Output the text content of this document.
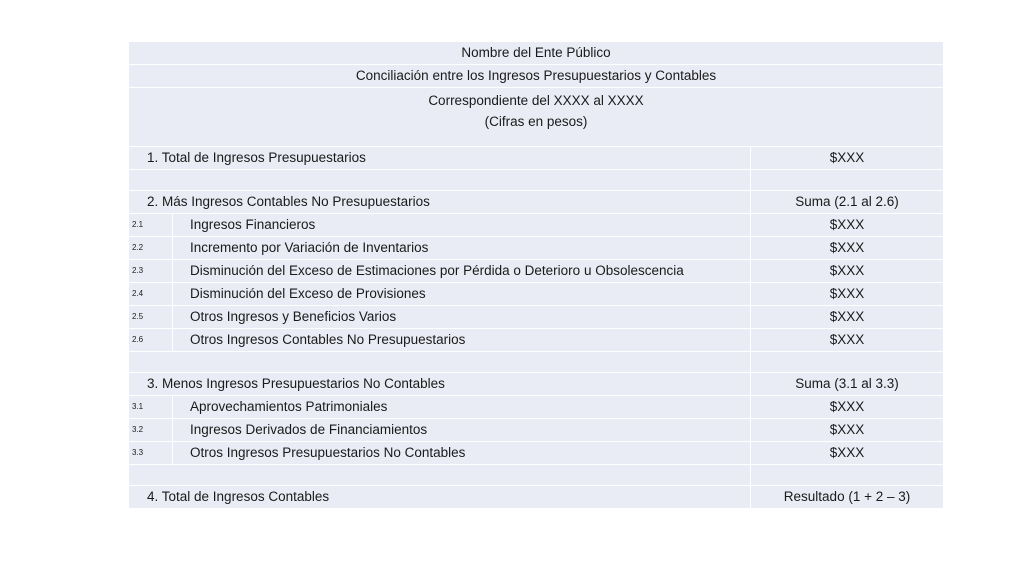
Nombre del Ente Público		
Conciliación entre los Ingresos Presupuestarios y Contables		

Correspondiente del XXXX al XXXX
(Cifras en pesos)		

1. Total de Ingresos Presupuestarios		$XXX

2. Más Ingresos Contables No Presupuestarios		Suma (2.1 al 2.6)
2.1	Ingresos Financieros	$XXX
2.2	Incremento por Variación de Inventarios	$XXX
2.3	Disminución del Exceso de Estimaciones por Pérdida o Deterioro u Obsolescencia	$XXX
2.4	Disminución del Exceso de Provisiones	$XXX
2.5	Otros Ingresos y Beneficios Varios	$XXX
2.6	Otros Ingresos Contables No Presupuestarios	$XXX

3. Menos Ingresos Presupuestarios No Contables		Suma (3.1 al 3.3)
3.1	Aprovechamientos Patrimoniales	$XXX
3.2	Ingresos Derivados de Financiamientos	$XXX
3.3	Otros Ingresos Presupuestarios No Contables	$XXX

4. Total de Ingresos Contables		Resultado (1 + 2 – 3)
